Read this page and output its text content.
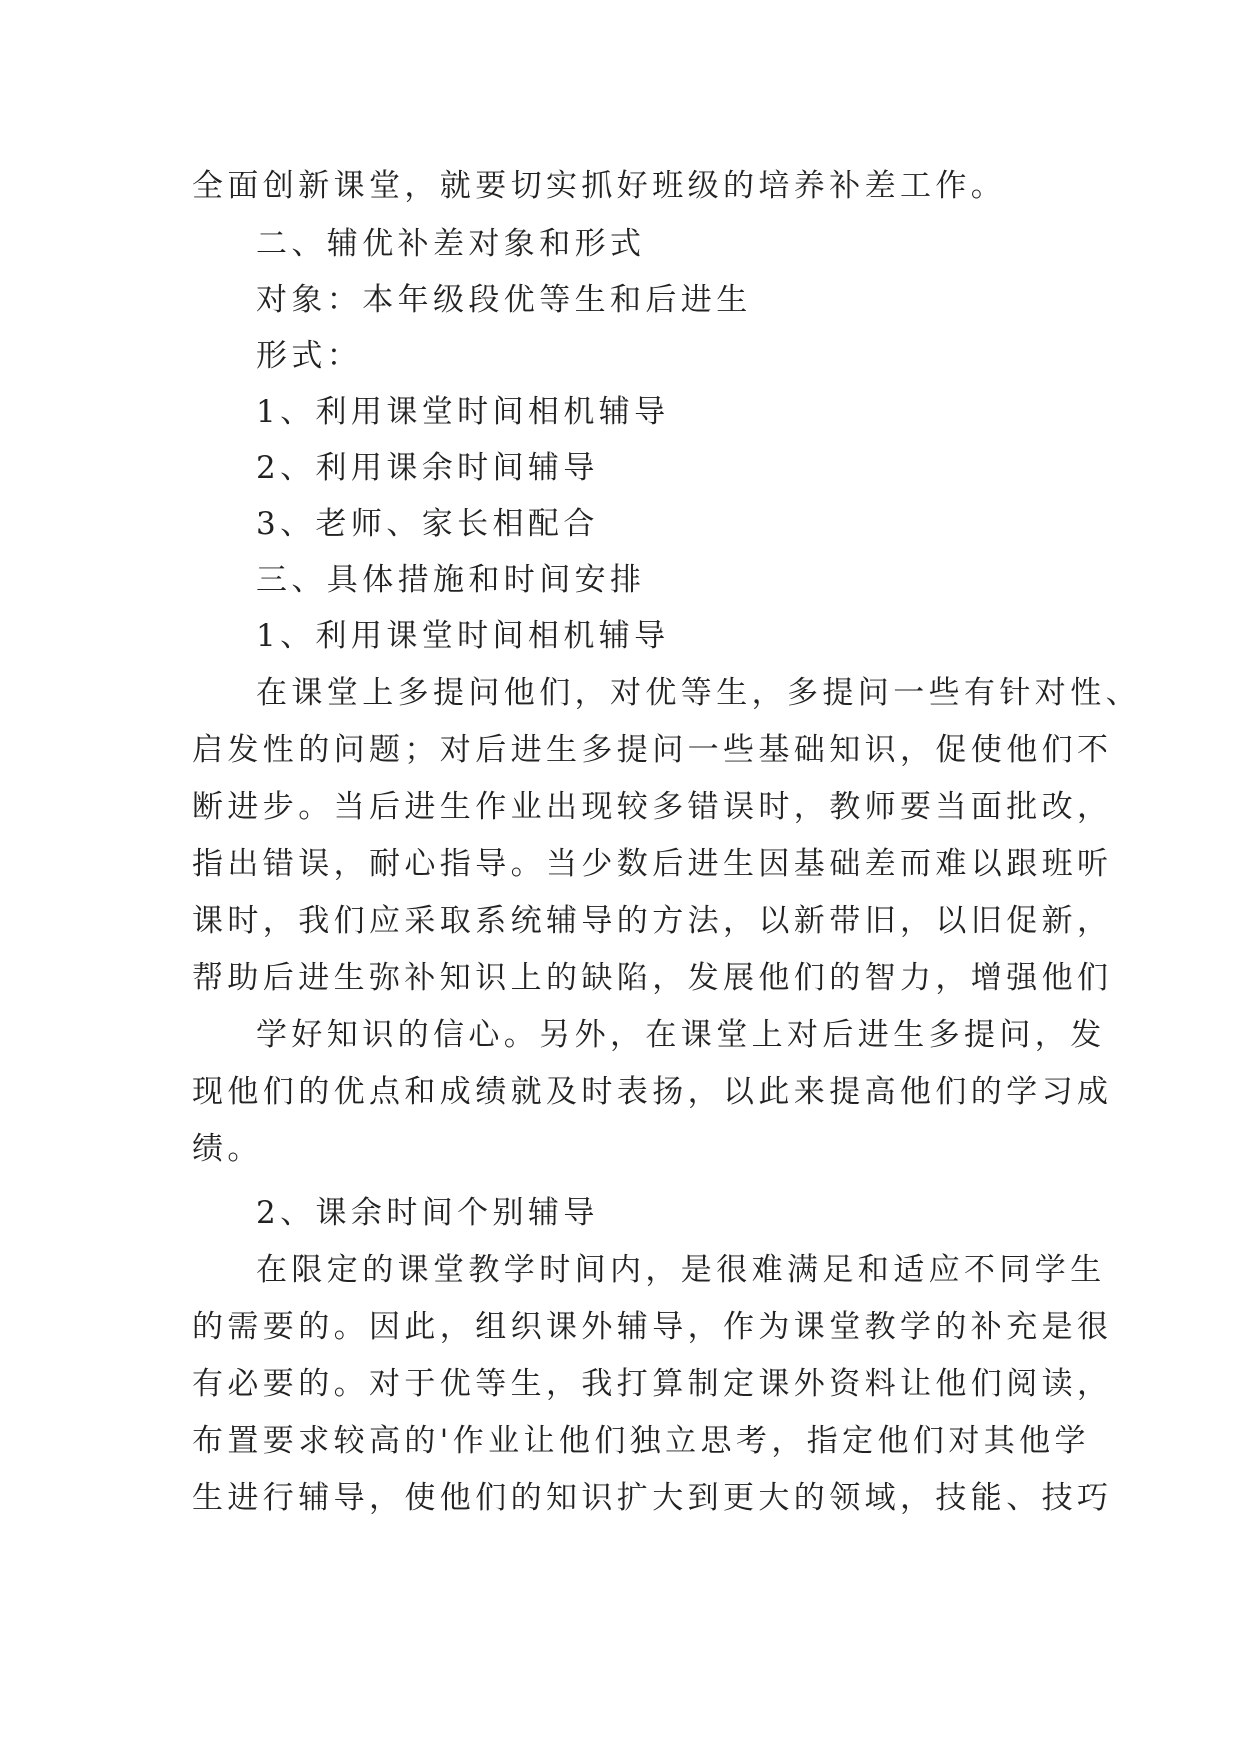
全面创新课堂，就要切实抓好班级的培养补差工作。
二、辅优补差对象和形式
对象：本年级段优等生和后进生
形式：
1、利用课堂时间相机辅导
2、利用课余时间辅导
3、老师、家长相配合
三、具体措施和时间安排
1、利用课堂时间相机辅导
在课堂上多提问他们，对优等生，多提问一些有针对性、
启发性的问题；对后进生多提问一些基础知识，促使他们不
断进步。当后进生作业出现较多错误时，教师要当面批改，
指出错误，耐心指导。当少数后进生因基础差而难以跟班听
课时，我们应采取系统辅导的方法，以新带旧，以旧促新，
帮助后进生弥补知识上的缺陷，发展他们的智力，增强他们
学好知识的信心。另外，在课堂上对后进生多提问，发
现他们的优点和成绩就及时表扬，以此来提高他们的学习成
绩。
2、课余时间个别辅导
在限定的课堂教学时间内，是很难满足和适应不同学生
的需要的。因此，组织课外辅导，作为课堂教学的补充是很
有必要的。对于优等生，我打算制定课外资料让他们阅读，
布置要求较高的'作业让他们独立思考，指定他们对其他学
生进行辅导，使他们的知识扩大到更大的领域，技能、技巧
